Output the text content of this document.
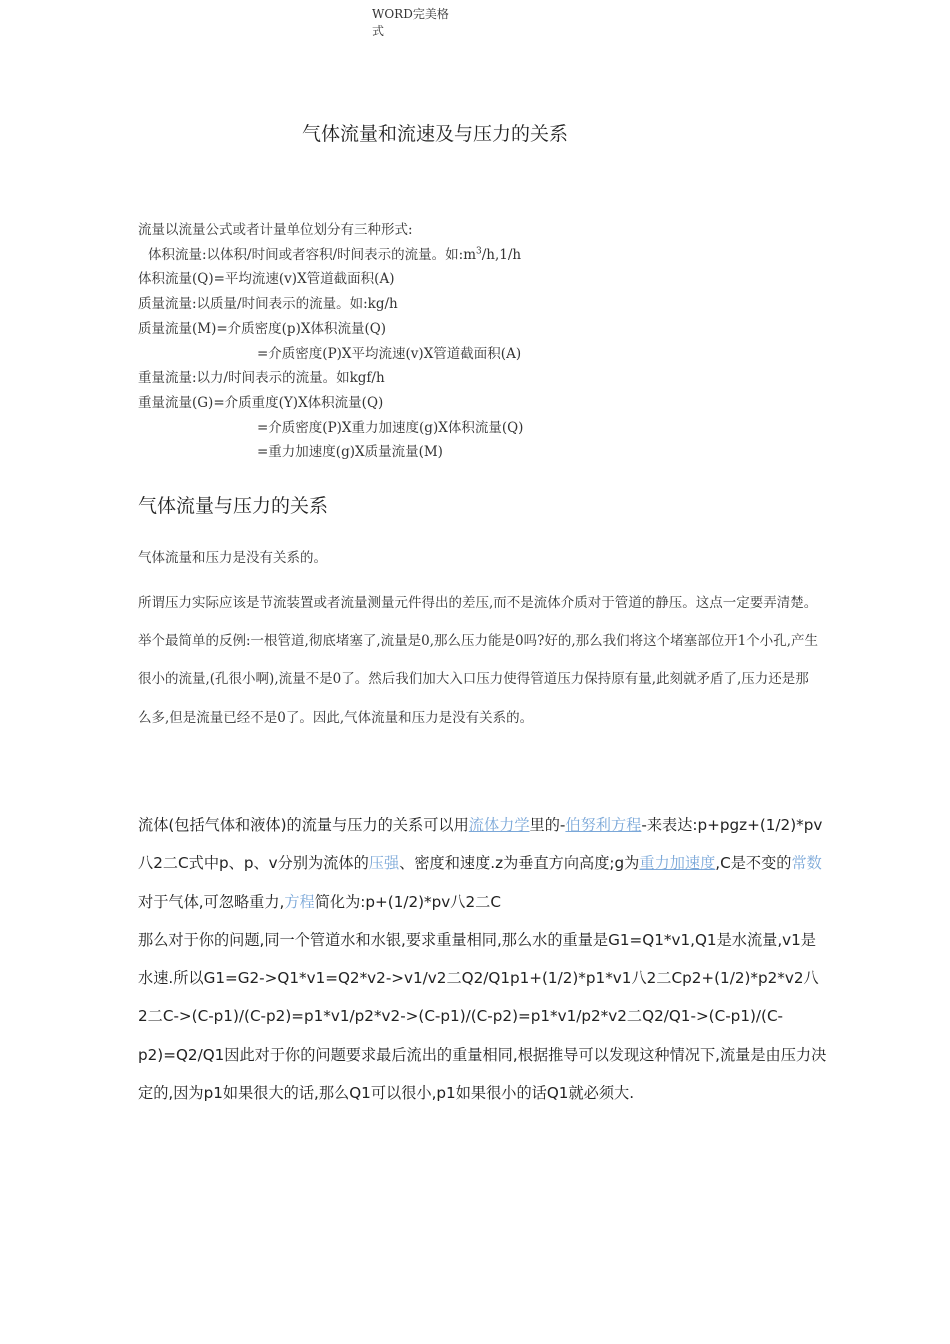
WORD完美格
式
气体流量和流速及与压力的关系
流量以流量公式或者计量单位划分有三种形式:
体积流量:以体积/时间或者容积/时间表示的流量。如$:m^3/h,1/h$
体积流量(Q)=平均流速(v)X管道截面积(A)
质量流量:以质量/时间表示的流量。如:kg/h
质量流量(M)=介质密度(p)X体积流量(Q)
=介质密度(P)X平均流速(v)X管道截面积(A)
重量流量:以力/时间表示的流量。如kgf/h
重量流量(G)=介质重度(Y)X体积流量(Q)
=介质密度(P)X重力加速度(g)X体积流量(Q)
=重力加速度(g)X质量流量(M)
气体流量与压力的关系
气体流量和压力是没有关系的。
所谓压力实际应该是节流装置或者流量测量元件得出的差压,而不是流体介质对于管道的静压。这点一定要弄清楚。举个最简单的反例:一根管道,彻底堵塞了,流量是0,那么压力能是0吗?好的,那么我们将这个堵塞部位开1个小孔,产生很小的流量,(孔很小啊),流量不是0了。然后我们加大入口压力使得管道压力保持原有量,此刻就矛盾了,压力还是那么多,但是流量已经不是0了。因此,气体流量和压力是没有关系的。
流体(包括气体和液体)的流量与压力的关系可以用流体力学里的-伯努利方程-来表达:p+pgz+(1/2)*pv八2二C式中p、p、v分别为流体的压强、密度和速度.z为垂直方向高度;g为重力加速度,C是不变的常数对于气体,可忽略重力,方程简化为:p+(1/2)*pv八2二C
那么对于你的问题,同一个管道水和水银,要求重量相同,那么水的重量是G1=Q1*v1,Q1是水流量,v1是水速.所以G1=G2->Q1*v1=Q2*v2->v1/v2二Q2/Q1p1+(1/2)*p1*v1八2二Cp2+(1/2)*p2*v2八2二C->(C-p1)/(C-p2)=p1*v1/p2*v2->(C-p1)/(C-p2)=p1*v1/p2*v2二Q2/Q1->(C-p1)/(C-p2)=Q2/Q1因此对于你的问题要求最后流出的重量相同,根据推导可以发现这种情况下,流量是由压力决定的,因为p1如果很大的话,那么Q1可以很小,p1如果很小的话Q1就必须大.
